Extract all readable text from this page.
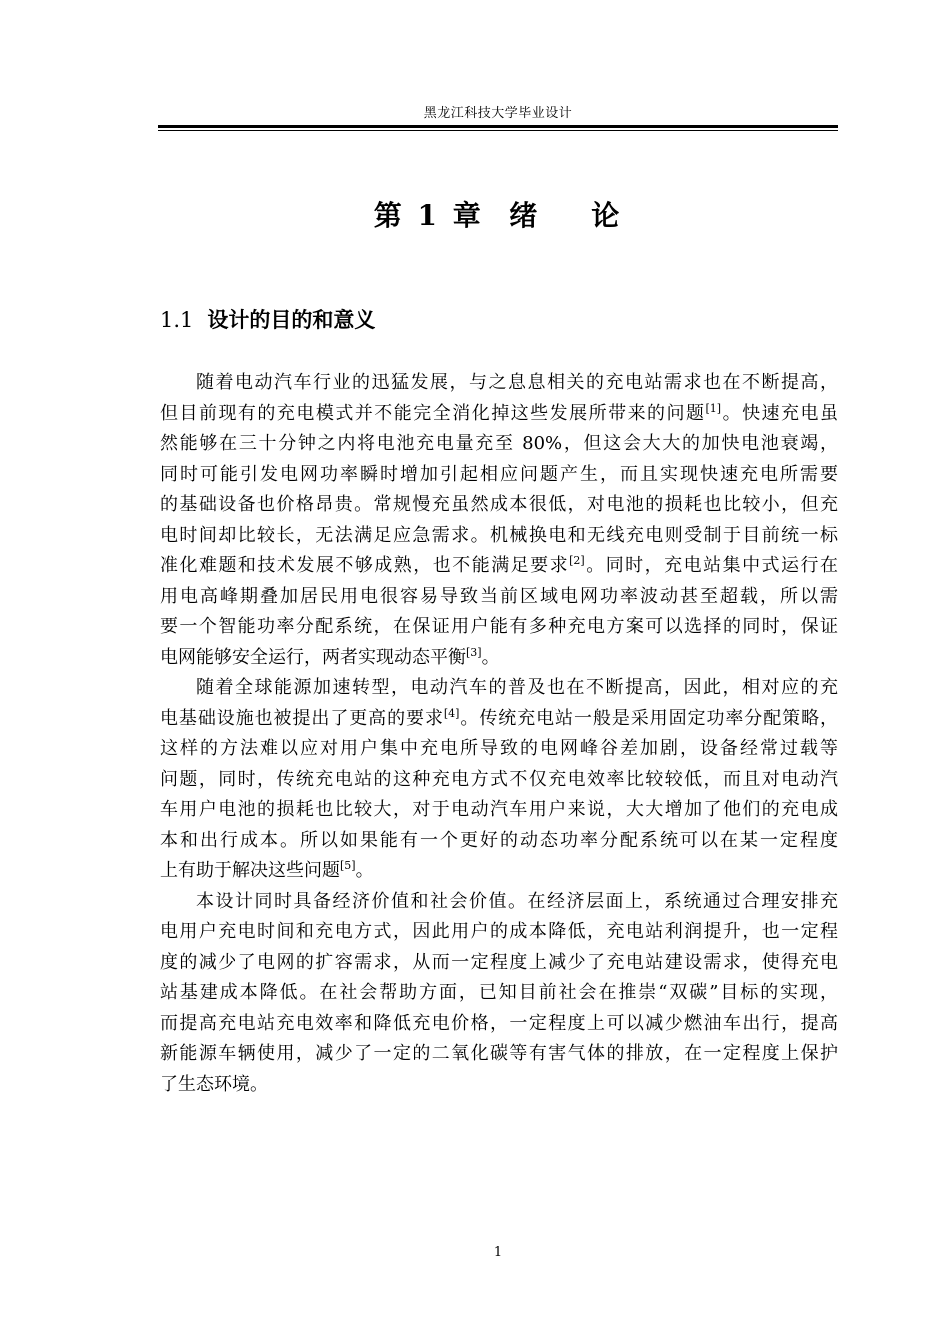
黑龙江科技大学毕业设计
第 1 章  绪    论
1.1 设计的目的和意义

随着电动汽车行业的迅猛发展，与之息息相关的充电站需求也在不断提高，
但目前现有的充电模式并不能完全消化掉这些发展所带来的问题[1]。快速充电虽
然能够在三十分钟之内将电池充电量充至 80%，但这会大大的加快电池衰竭，
同时可能引发电网功率瞬时增加引起相应问题产生，而且实现快速充电所需要
的基础设备也价格昂贵。常规慢充虽然成本很低，对电池的损耗也比较小，但充
电时间却比较长，无法满足应急需求。机械换电和无线充电则受制于目前统一标
准化难题和技术发展不够成熟，也不能满足要求[2]。同时，充电站集中式运行在
用电高峰期叠加居民用电很容易导致当前区域电网功率波动甚至超载，所以需
要一个智能功率分配系统，在保证用户能有多种充电方案可以选择的同时，保证
电网能够安全运行，两者实现动态平衡[3]。

随着全球能源加速转型，电动汽车的普及也在不断提高，因此，相对应的充
电基础设施也被提出了更高的要求[4]。传统充电站一般是采用固定功率分配策略，
这样的方法难以应对用户集中充电所导致的电网峰谷差加剧，设备经常过载等
问题，同时，传统充电站的这种充电方式不仅充电效率比较较低，而且对电动汽
车用户电池的损耗也比较大，对于电动汽车用户来说，大大增加了他们的充电成
本和出行成本。所以如果能有一个更好的动态功率分配系统可以在某一定程度
上有助于解决这些问题[5]。

本设计同时具备经济价值和社会价值。在经济层面上，系统通过合理安排充
电用户充电时间和充电方式，因此用户的成本降低，充电站利润提升，也一定程
度的减少了电网的扩容需求，从而一定程度上减少了充电站建设需求，使得充电
站基建成本降低。在社会帮助方面，已知目前社会在推崇“双碳”目标的实现，
而提高充电站充电效率和降低充电价格，一定程度上可以减少燃油车出行，提高
新能源车辆使用，减少了一定的二氧化碳等有害气体的排放，在一定程度上保护
了生态环境。

1
